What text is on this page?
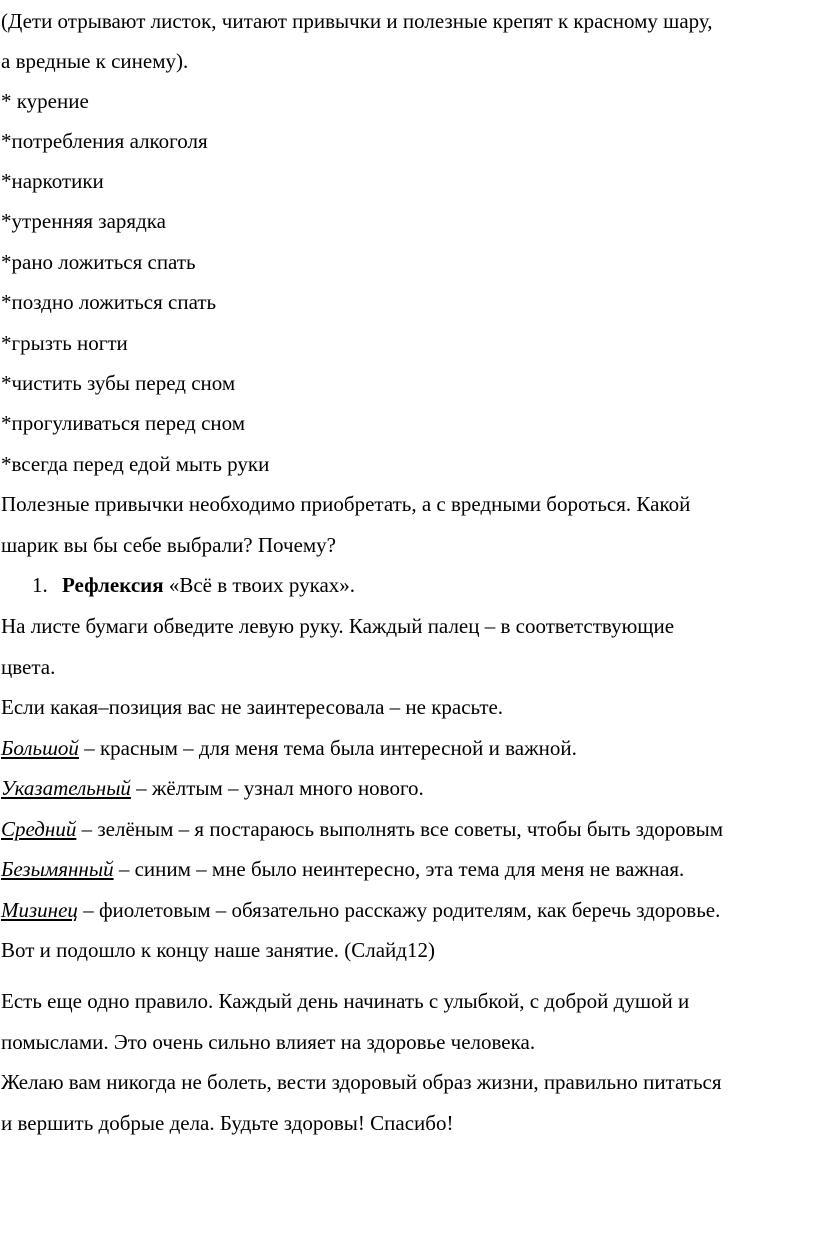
(Дети отрывают листок, читают привычки и полезные крепят к красному шару,
а вредные к синему).
* курение
*потребления алкоголя
*наркотики
*утренняя зарядка
*рано ложиться спать
*поздно ложиться спать
*грызть ногти
*чистить зубы перед сном
*прогуливаться перед сном
*всегда перед едой мыть руки
Полезные привычки необходимо приобретать, а с вредными бороться. Какой
шарик вы бы себе выбрали? Почему?
1. Рефлексия «Всё в твоих руках».
На листе бумаги обведите левую руку. Каждый палец – в соответствующие
цвета.
Если какая–позиция вас не заинтересовала – не красьте.
Большой – красным – для меня тема была интересной и важной.
Указательный – жёлтым – узнал много нового.
Средний – зелёным – я постараюсь выполнять все советы, чтобы быть здоровым
Безымянный – синим – мне было неинтересно, эта тема для меня не важная.
Мизинец – фиолетовым – обязательно расскажу родителям, как беречь здоровье.
Вот и подошло к концу наше занятие. (Слайд12)
Есть еще одно правило. Каждый день начинать с улыбкой, с доброй душой и
помыслами. Это очень сильно влияет на здоровье человека.
Желаю вам никогда не болеть, вести здоровый образ жизни, правильно питаться
и вершить добрые дела. Будьте здоровы! Спасибо!
